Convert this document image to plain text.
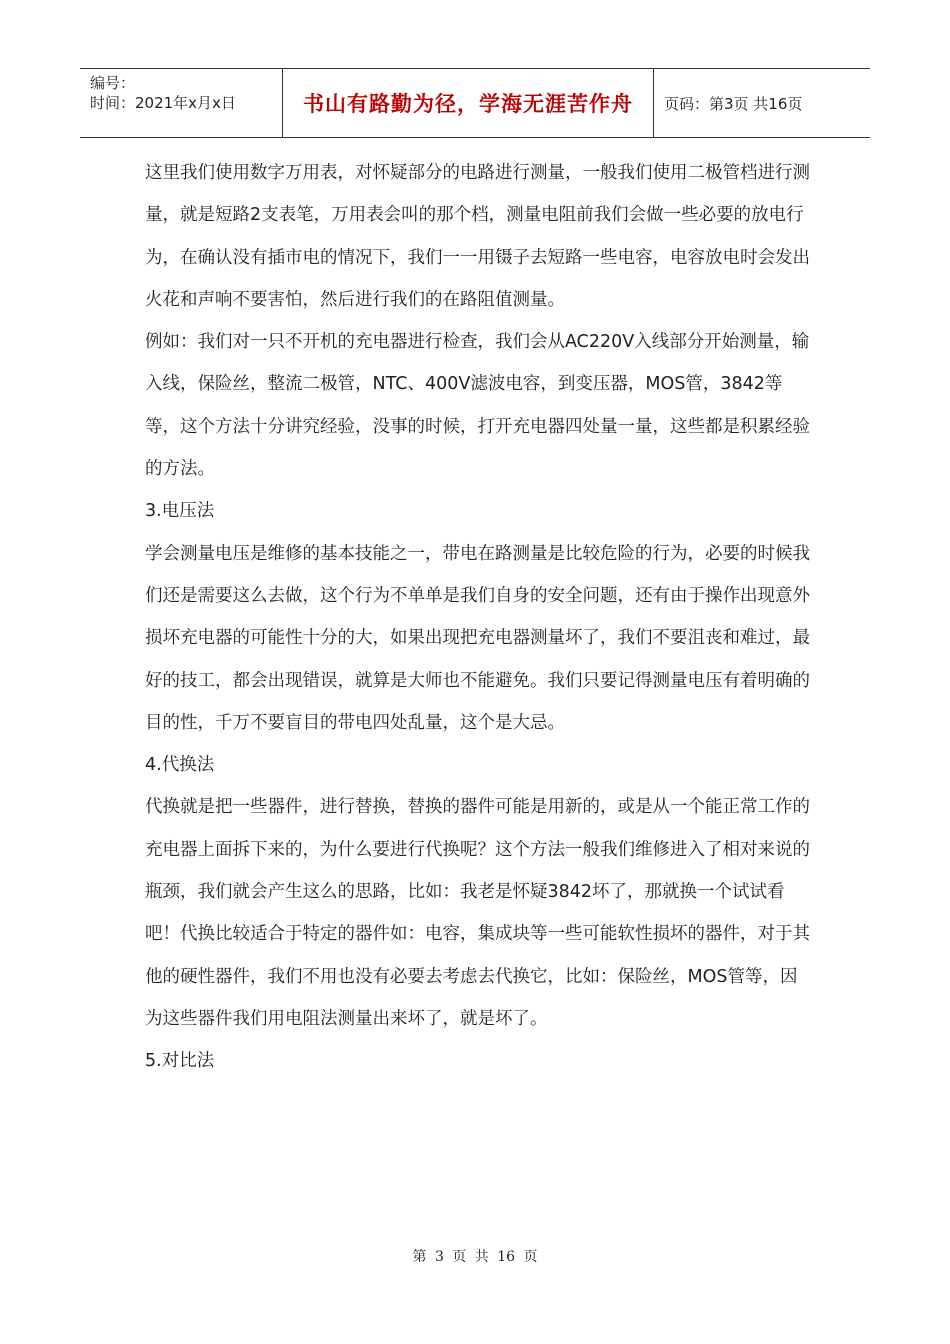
编号：
时间：2021年x月x日	书山有路勤为径，学海无涯苦作舟	页码：第3页 共16页

这里我们使用数字万用表，对怀疑部分的电路进行测量，一般我们使用二极管档进行测量，就是短路2支表笔，万用表会叫的那个档，测量电阻前我们会做一些必要的放电行为，在确认没有插市电的情况下，我们一一用镊子去短路一些电容，电容放电时会发出火花和声响不要害怕，然后进行我们的在路阻值测量。

例如：我们对一只不开机的充电器进行检查，我们会从AC220V入线部分开始测量，输入线，保险丝，整流二极管，NTC、400V滤波电容，到变压器，MOS管，3842等等，这个方法十分讲究经验，没事的时候，打开充电器四处量一量，这些都是积累经验的方法。

3.电压法

学会测量电压是维修的基本技能之一，带电在路测量是比较危险的行为，必要的时候我们还是需要这么去做，这个行为不单单是我们自身的安全问题，还有由于操作出现意外损坏充电器的可能性十分的大，如果出现把充电器测量坏了，我们不要沮丧和难过，最好的技工，都会出现错误，就算是大师也不能避免。我们只要记得测量电压有着明确的目的性，千万不要盲目的带电四处乱量，这个是大忌。

4.代换法

代换就是把一些器件，进行替换，替换的器件可能是用新的，或是从一个能正常工作的充电器上面拆下来的，为什么要进行代换呢？这个方法一般我们维修进入了相对来说的瓶颈，我们就会产生这么的思路，比如：我老是怀疑3842坏了，那就换一个试试看吧！代换比较适合于特定的器件如：电容，集成块等一些可能软性损坏的器件，对于其他的硬性器件，我们不用也没有必要去考虑去代换它，比如：保险丝，MOS管等，因为这些器件我们用电阻法测量出来坏了，就是坏了。

5.对比法

第 3 页 共 16 页
